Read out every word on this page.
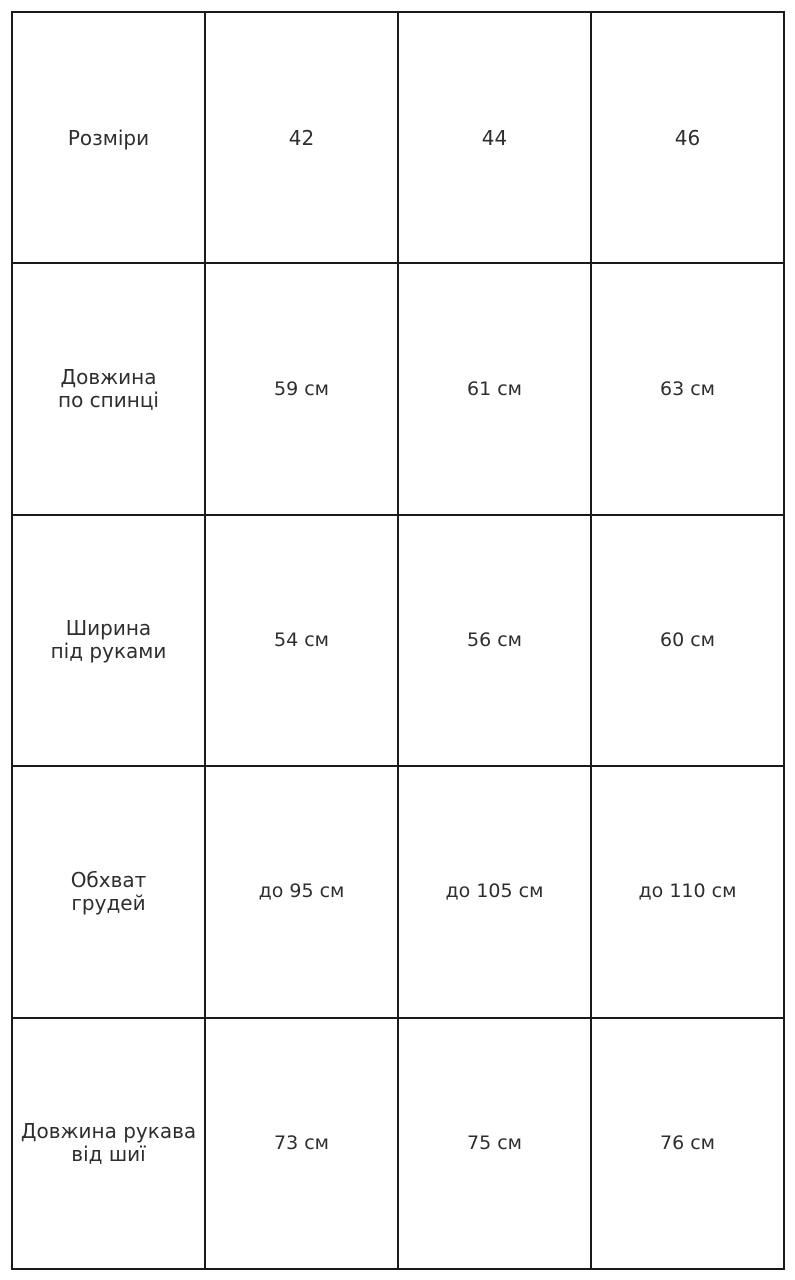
Розміри	42	44	46
Довжина
по спинці	59 см	61 см	63 см
Ширина
під руками	54 см	56 см	60 см
Обхват
грудей	до 95 см	до 105 см	до 110 см
Довжина рукава
від шиї	73 см	75 см	76 см
